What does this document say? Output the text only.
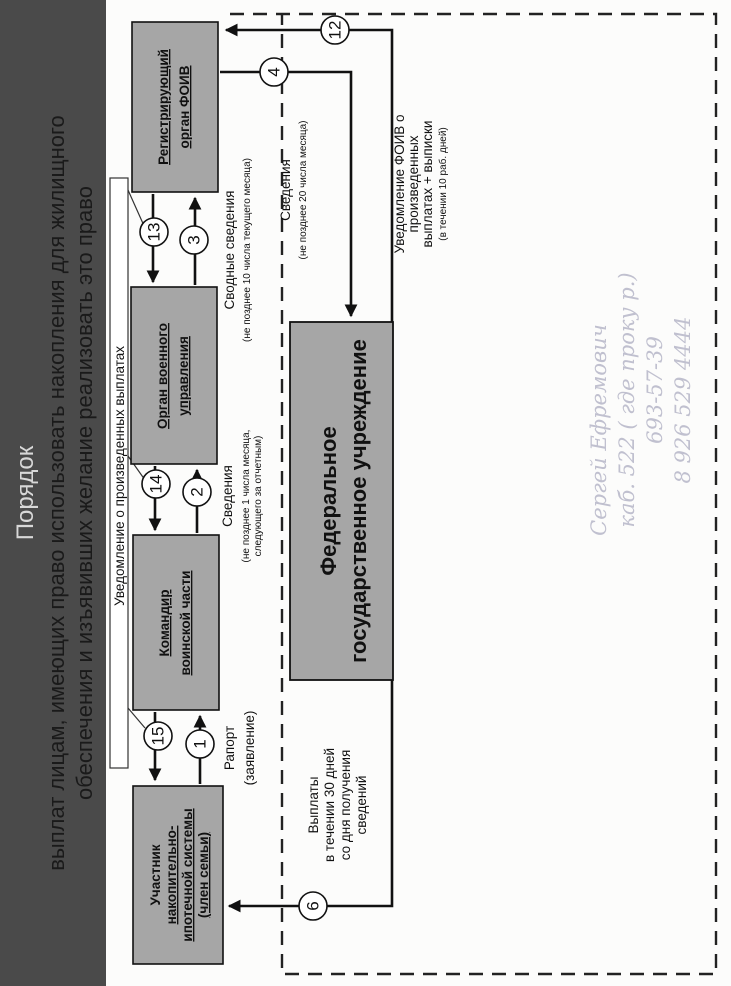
Порядок выплат лицам, имеющих право использовать накопления для жилищного обеспечения и изъявивших желание реализовать это право Уведомление о произведенных выплатах
Регистрирующий орган ФОИВ
Орган военного управления
Командир воинской части
Участник накопительно- ипотечной системы (член семьи)
Федеральное государственное учреждение
15 1
14 2
13 3
4
12
6
Рапорт (заявление)
Сведения (не позднее 1 числа месяца, следующего за отчетным)
Сводные сведения (не позднее 10 числа текущего месяца) Сведения (не позднее 20 числа месяца)
Выплаты в течении 30 дней со дня получения сведений
Уведомление ФОИВ о произведенных выплатах + выписки (в течении 10 раб. дней)
Сергей Ефремович каб. 522 ( где проку р.) 693-57-39 8 926 529 4444
